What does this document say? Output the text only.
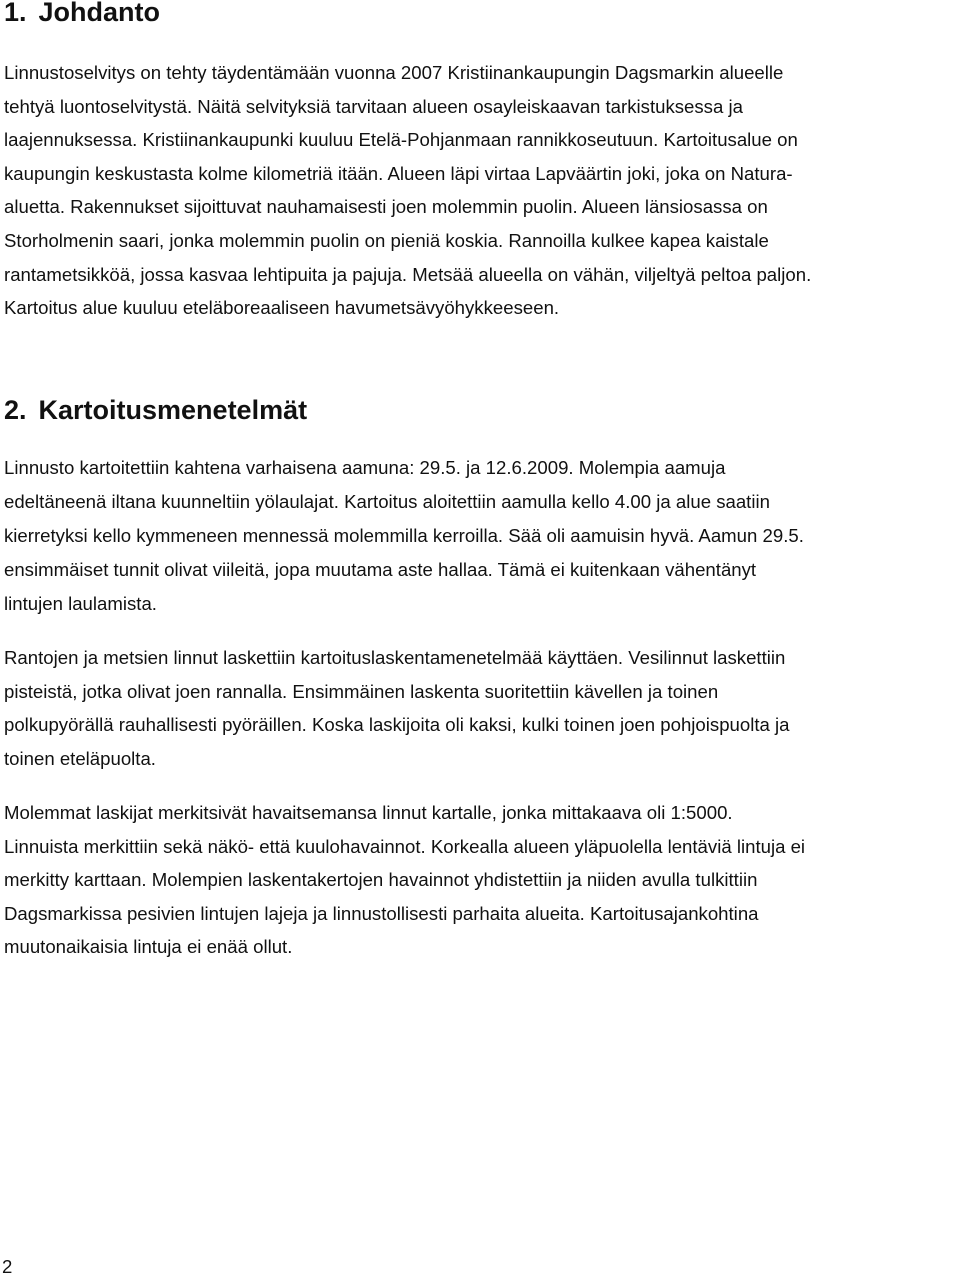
1. Johdanto

Linnustoselvitys on tehty täydentämään vuonna 2007 Kristiinankaupungin Dagsmarkin alueelle
tehtyä luontoselvitystä. Näitä selvityksiä tarvitaan alueen osayleiskaavan tarkistuksessa ja
laajennuksessa. Kristiinankaupunki kuuluu Etelä-Pohjanmaan rannikkoseutuun. Kartoitusalue on
kaupungin keskustasta kolme kilometriä itään. Alueen läpi virtaa Lapväärtin joki, joka on Natura-
aluetta. Rakennukset sijoittuvat nauhamaisesti joen molemmin puolin. Alueen länsiosassa on
Storholmenin saari, jonka molemmin puolin on pieniä koskia. Rannoilla kulkee kapea kaistale
rantametsikköä, jossa kasvaa lehtipuita ja pajuja. Metsää alueella on vähän, viljeltyä peltoa paljon.
Kartoitus alue kuuluu eteläboreaaliseen havumetsävyöhykkeeseen.

2. Kartoitusmenetelmät

Linnusto kartoitettiin kahtena varhaisena aamuna: 29.5. ja 12.6.2009. Molempia aamuja
edeltäneenä iltana kuunneltiin yölaulajat. Kartoitus aloitettiin aamulla kello 4.00 ja alue saatiin
kierretyksi kello kymmeneen mennessä molemmilla kerroilla. Sää oli aamuisin hyvä. Aamun 29.5.
ensimmäiset tunnit olivat viileitä, jopa muutama aste hallaa. Tämä ei kuitenkaan vähentänyt
lintujen laulamista.

Rantojen ja metsien linnut laskettiin kartoituslaskentamenetelmää käyttäen. Vesilinnut laskettiin
pisteistä, jotka olivat joen rannalla. Ensimmäinen laskenta suoritettiin kävellen ja toinen
polkupyörällä rauhallisesti pyöräillen. Koska laskijoita oli kaksi, kulki toinen joen pohjoispuolta ja
toinen eteläpuolta.

Molemmat laskijat merkitsivät havaitsemansa linnut kartalle, jonka mittakaava oli 1:5000.
Linnuista merkittiin sekä näkö- että kuulohavainnot. Korkealla alueen yläpuolella lentäviä lintuja ei
merkitty karttaan. Molempien laskentakertojen havainnot yhdistettiin ja niiden avulla tulkittiin
Dagsmarkissa pesivien lintujen lajeja ja linnustollisesti parhaita alueita. Kartoitusajankohtina
muutonaikaisia lintuja ei enää ollut.

2
